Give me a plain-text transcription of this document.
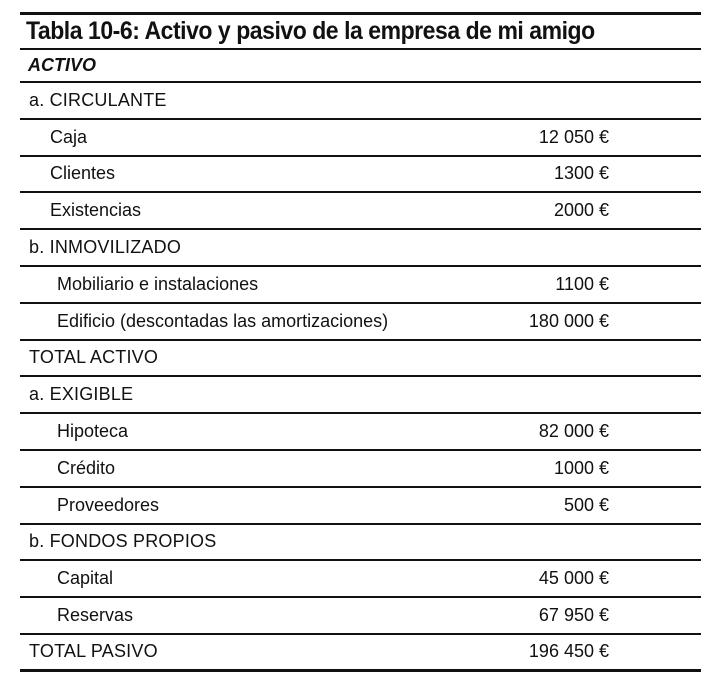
Tabla 10-6: Activo y pasivo de la empresa de mi amigo
ACTIVO
a. CIRCULANTE
Caja	12 050 €
Clientes	1300 €
Existencias	2000 €
b. INMOVILIZADO
Mobiliario e instalaciones	1100 €
Edificio (descontadas las amortizaciones)	180 000 €
TOTAL ACTIVO
a. EXIGIBLE
Hipoteca	82 000 €
Crédito	1000 €
Proveedores	500 €
b. FONDOS PROPIOS
Capital	45 000 €
Reservas	67 950 €
TOTAL PASIVO	196 450 €
